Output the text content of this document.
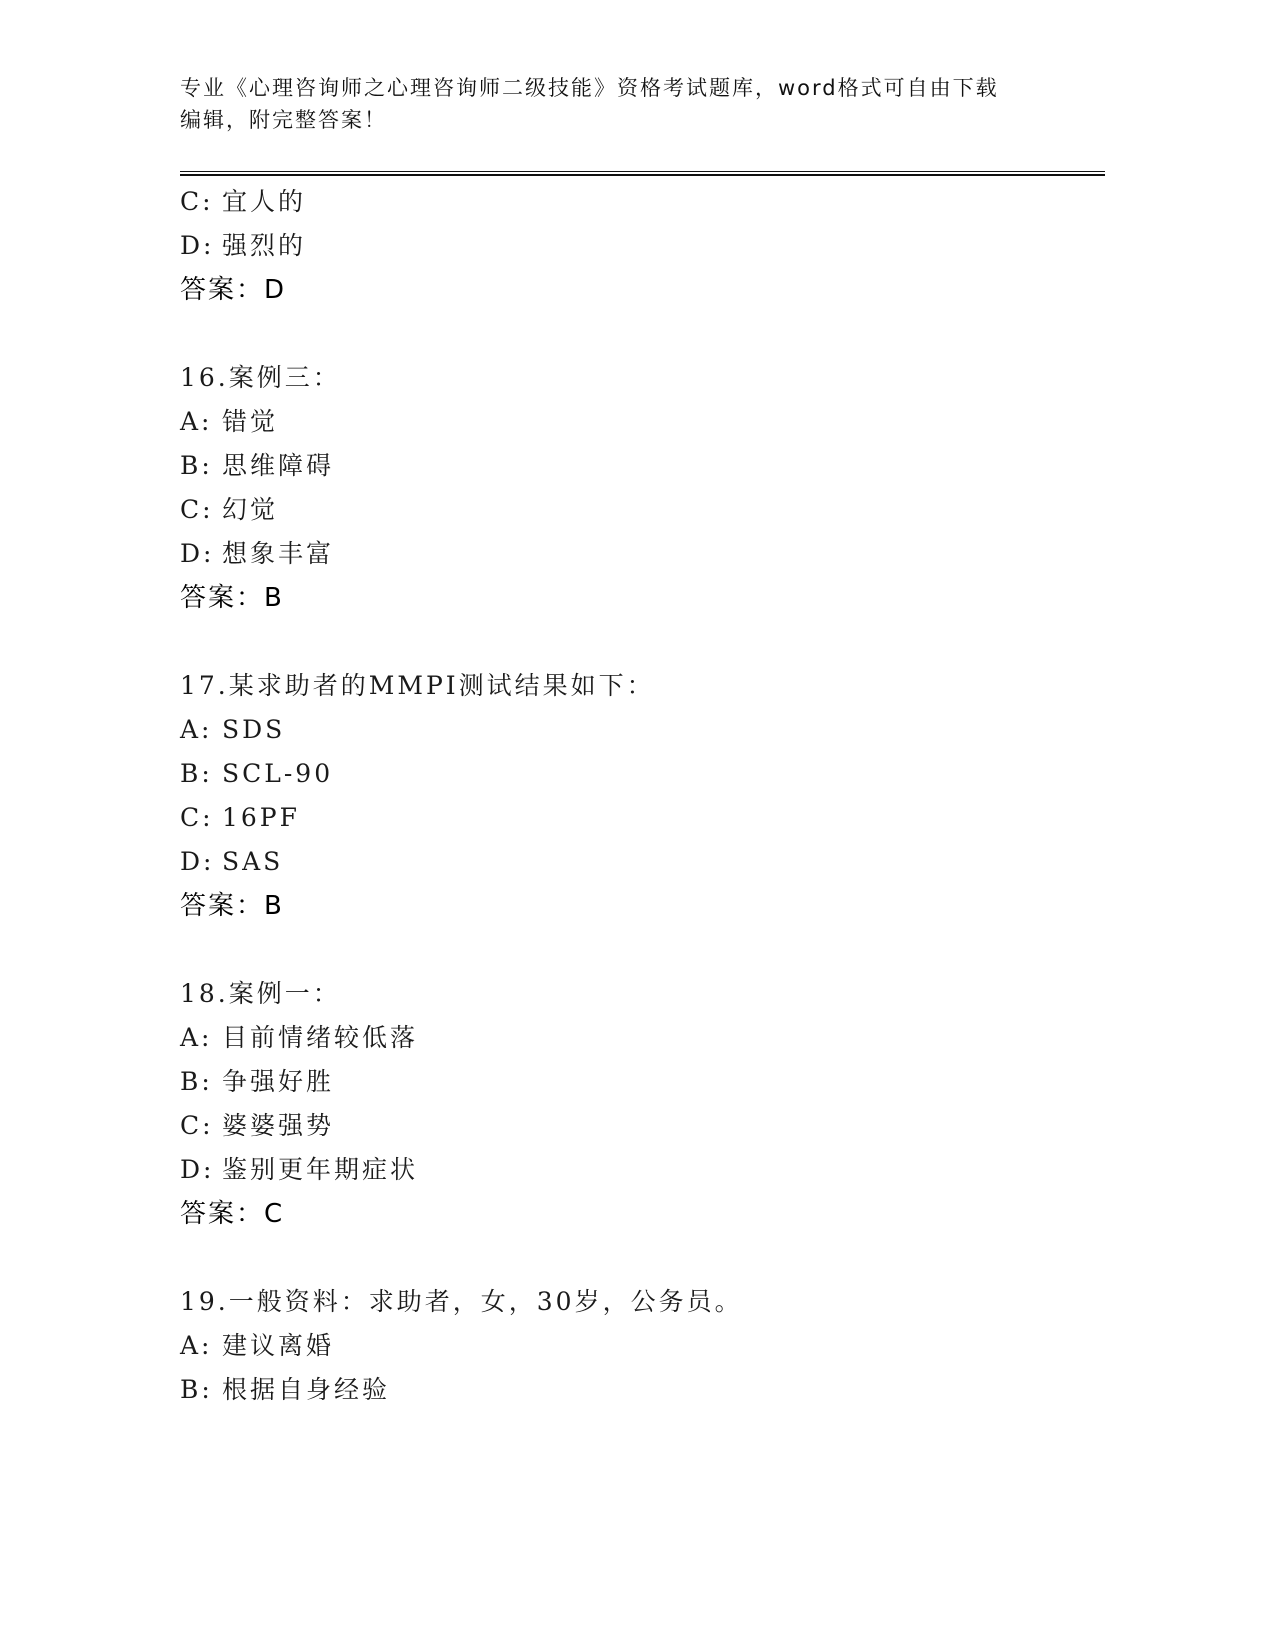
专业《心理咨询师之心理咨询师二级技能》资格考试题库，word格式可自由下载
编辑，附完整答案！
C: 宜人的
D: 强烈的
答案：D
16.案例三：
A: 错觉
B: 思维障碍
C: 幻觉
D: 想象丰富
答案：B
17.某求助者的MMPI测试结果如下：
A: SDS
B: SCL-90
C: 16PF
D: SAS
答案：B
18.案例一：
A: 目前情绪较低落
B: 争强好胜
C: 婆婆强势
D: 鉴别更年期症状
答案：C
19.一般资料：求助者，女，30岁，公务员。
A: 建议离婚
B: 根据自身经验
